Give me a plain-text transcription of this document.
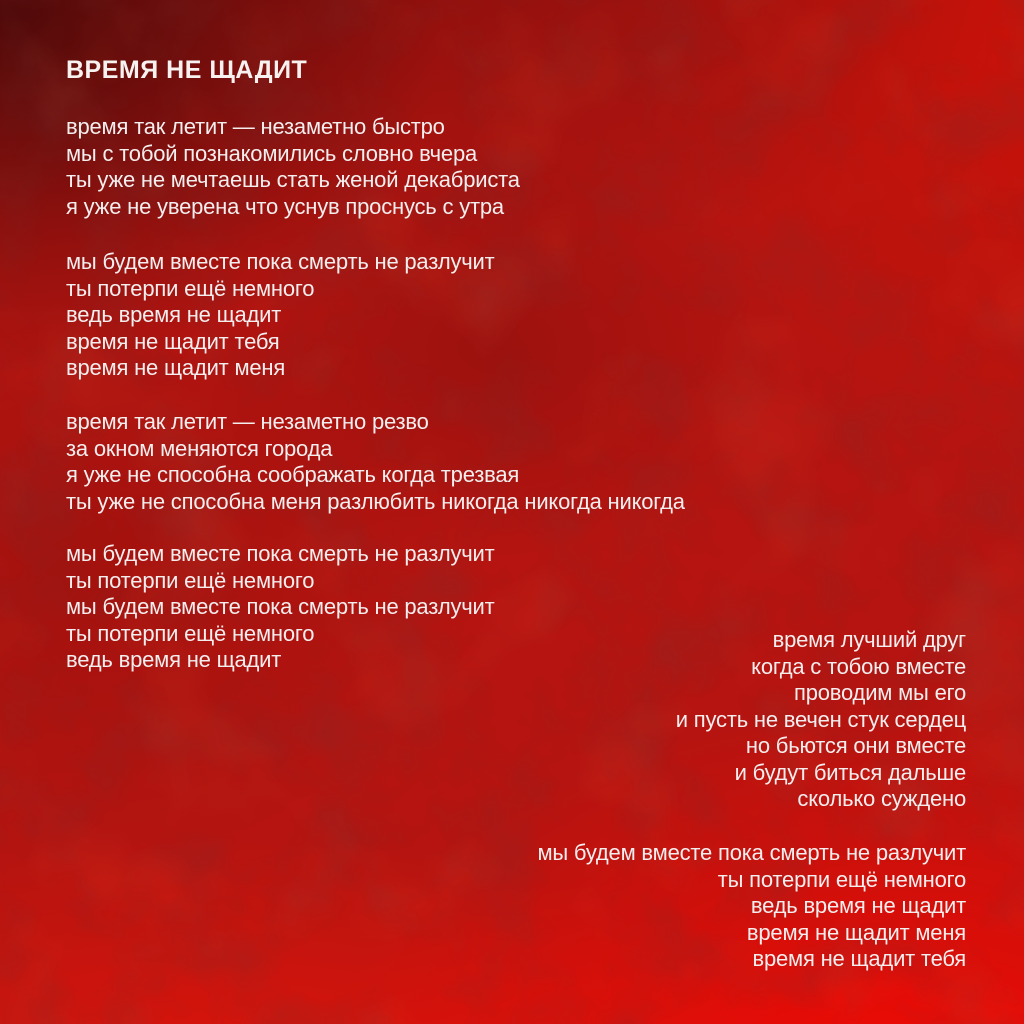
ВРЕМЯ НЕ ЩАДИТ
время так летит — незаметно быстро
мы с тобой познакомились словно вчера
ты уже не мечтаешь стать женой декабриста
я уже не уверена что уснув проснусь с утра
мы будем вместе пока смерть не разлучит
ты потерпи ещё немного
ведь время не щадит
время не щадит тебя
время не щадит меня
время так летит — незаметно резво
за окном меняются города
я уже не способна соображать когда трезвая
ты уже не способна меня разлюбить никогда никогда никогда
мы будем вместе пока смерть не разлучит
ты потерпи ещё немного
мы будем вместе пока смерть не разлучит
ты потерпи ещё немного
ведь время не щадит
время лучший друг
когда с тобою вместе
проводим мы его
и пусть не вечен стук сердец
но бьются они вместе
и будут биться дальше
сколько суждено
мы будем вместе пока смерть не разлучит
ты потерпи ещё немного
ведь время не щадит
время не щадит меня
время не щадит тебя
